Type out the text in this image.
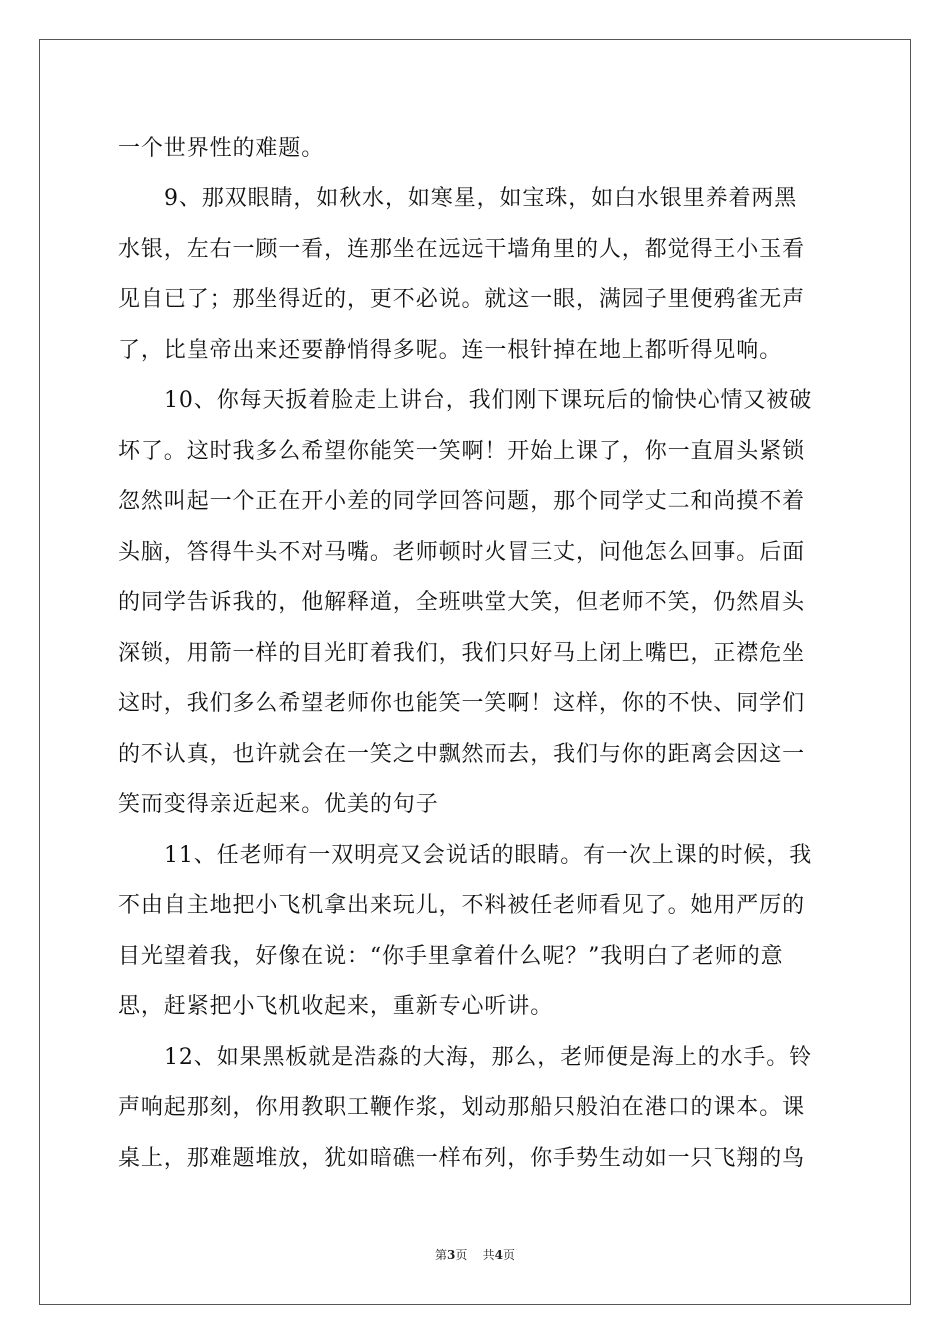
一个世界性的难题。
9、那双眼睛，如秋水，如寒星，如宝珠，如白水银里养着两黑
水银，左右一顾一看，连那坐在远远干墙角里的人，都觉得王小玉看
见自已了；那坐得近的，更不必说。就这一眼，满园子里便鸦雀无声
了，比皇帝出来还要静悄得多呢。连一根针掉在地上都听得见响。
10、你每天扳着脸走上讲台，我们刚下课玩后的愉快心情又被破
坏了。这时我多么希望你能笑一笑啊！开始上课了，你一直眉头紧锁
忽然叫起一个正在开小差的同学回答问题，那个同学丈二和尚摸不着
头脑，答得牛头不对马嘴。老师顿时火冒三丈，问他怎么回事。后面
的同学告诉我的，他解释道，全班哄堂大笑，但老师不笑，仍然眉头
深锁，用箭一样的目光盯着我们，我们只好马上闭上嘴巴，正襟危坐
这时，我们多么希望老师你也能笑一笑啊！这样，你的不快、同学们
的不认真，也许就会在一笑之中飘然而去，我们与你的距离会因这一
笑而变得亲近起来。优美的句子
11、任老师有一双明亮又会说话的眼睛。有一次上课的时候，我
不由自主地把小飞机拿出来玩儿，不料被任老师看见了。她用严厉的
目光望着我，好像在说：“你手里拿着什么呢？”我明白了老师的意
思，赶紧把小飞机收起来，重新专心听讲。
12、如果黑板就是浩淼的大海，那么，老师便是海上的水手。铃
声响起那刻，你用教职工鞭作浆，划动那船只般泊在港口的课本。课
桌上，那难题堆放，犹如暗礁一样布列，你手势生动如一只飞翔的鸟
第3页 共4页
